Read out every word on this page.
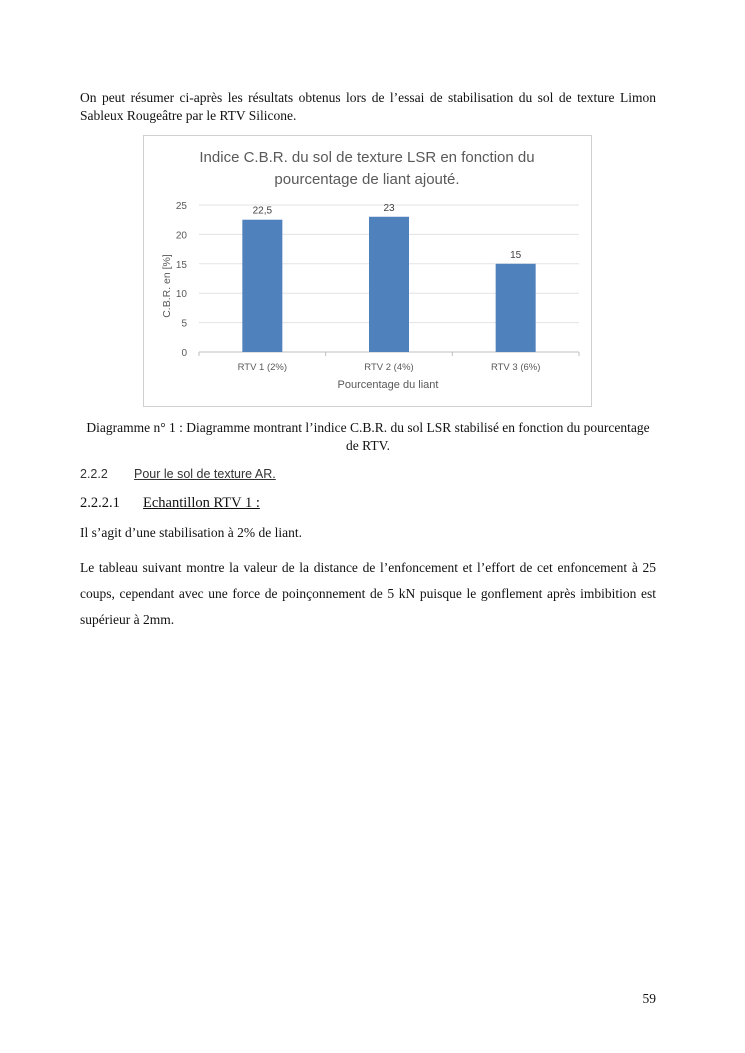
On peut résumer ci-après les résultats obtenus lors de l’essai de stabilisation du sol de texture Limon Sableux Rougeâtre par le RTV Silicone.

Indice C.B.R. du sol de texture LSR en fonction du
pourcentage de liant ajouté.
0
5
10
15
20
25	22,5
RTV 1 (2%)
23
RTV 2 (4%)
15
RTV 3 (6%)
C.B.R. en [%]
Pourcentage du liant
Diagramme n° 1 : Diagramme montrant l’indice C.B.R. du sol LSR stabilisé en fonction du pourcentage de RTV.
2.2.2 Pour le sol de texture AR.
2.2.2.1 Echantillon RTV 1 :

Il s’agit d’une stabilisation à 2% de liant.

Le tableau suivant montre la valeur de la distance de l’enfoncement et l’effort de cet enfoncement à 25 coups, cependant avec une force de poinçonnement de 5 kN puisque le gonflement après imbibition est supérieur à 2mm.

59
